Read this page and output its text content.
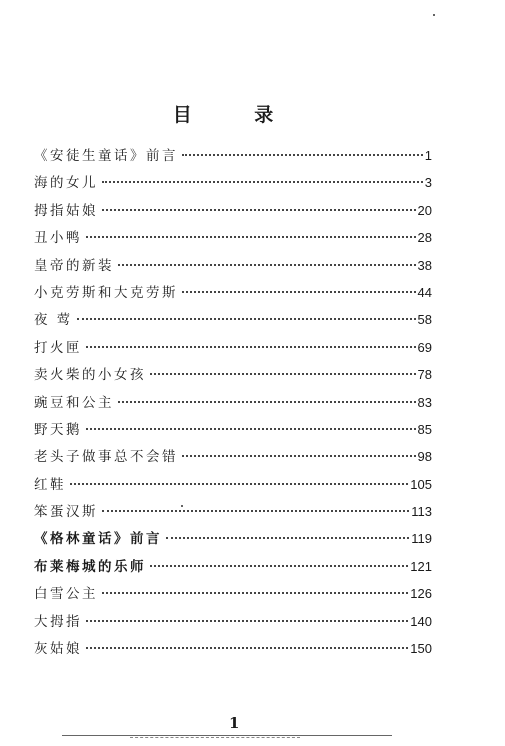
目 录
《安徒生童话》前言	1
海的女儿	3
拇指姑娘	20
丑小鸭	28
皇帝的新装	38
小克劳斯和大克劳斯	44
夜 莺	58
打火匣	69
卖火柴的小女孩	78
豌豆和公主	83
野天鹅	85
老头子做事总不会错	98
红鞋	105
笨蛋汉斯	113
《格林童话》前言	119
布莱梅城的乐师	121
白雪公主	126
大拇指	140
灰姑娘	150
1
